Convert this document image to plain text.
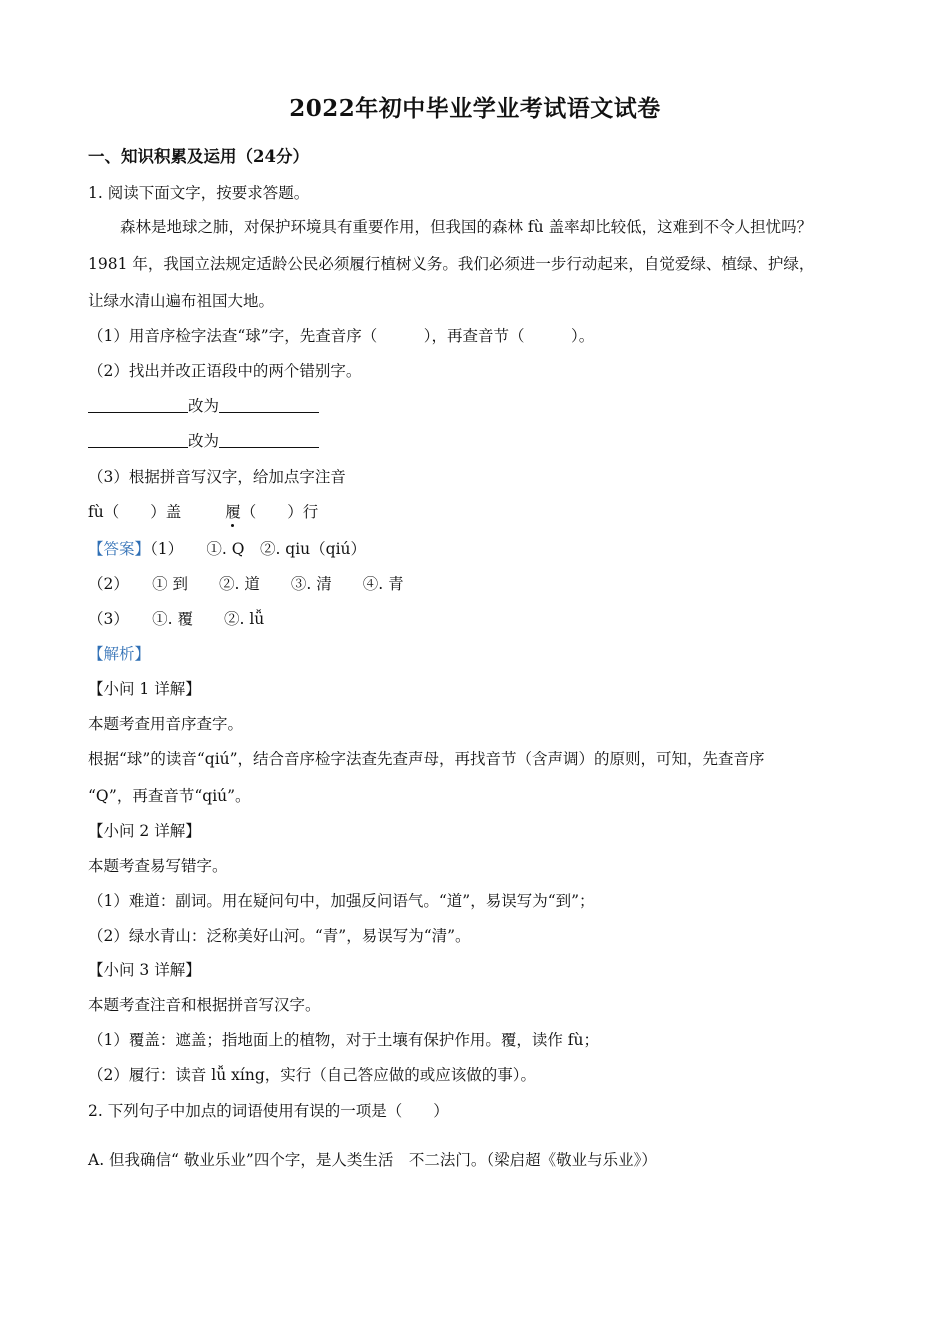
2022年初中毕业学业考试语文试卷
一、知识积累及运用（24分）
1. 阅读下面文字，按要求答题。
森林是地球之肺，对保护环境具有重要作用，但我国的森林 fù 盖率却比较低，这难到不令人担忧吗？
1981 年，我国立法规定适龄公民必须履行植树义务。我们必须进一步行动起来，自觉爱绿、植绿、护绿，
让绿水清山遍布祖国大地。
（1）用音序检字法查“球”字，先查音序（　　　），再查音节（　　　）。
（2）找出并改正语段中的两个错别字。
改为
改为
（3）根据拼音写汉字，给加点字注音
fù（　　）盖	履（　　）行
【答案】（1）　　①. Q　②. qiu（qiú）
（2）　　① 到　　②. 道　　③. 清　　④. 青
（3）　　①. 覆　　②. lǚ
【解析】
【小问 1 详解】
本题考查用音序查字。
根据“球”的读音“qiú”，结合音序检字法查先查声母，再找音节（含声调）的原则，可知，先查音序
“Q”，再查音节“qiú”。
【小问 2 详解】
本题考查易写错字。
（1）难道：副词。用在疑问句中，加强反问语气。“道”，易误写为“到”；
（2）绿水青山：泛称美好山河。“青”，易误写为“清”。
【小问 3 详解】
本题考查注音和根据拼音写汉字。
（1）覆盖：遮盖；指地面上的植物，对于土壤有保护作用。覆，读作 fù；
（2）履行：读音 lǚ xíng，实行（自己答应做的或应该做的事）。
2. 下列句子中加点的词语使用有误的一项是（　　）
A. 但我确信“ 敬业乐业”四个字，是人类生活　不二法门。（梁启超《敬业与乐业》）
